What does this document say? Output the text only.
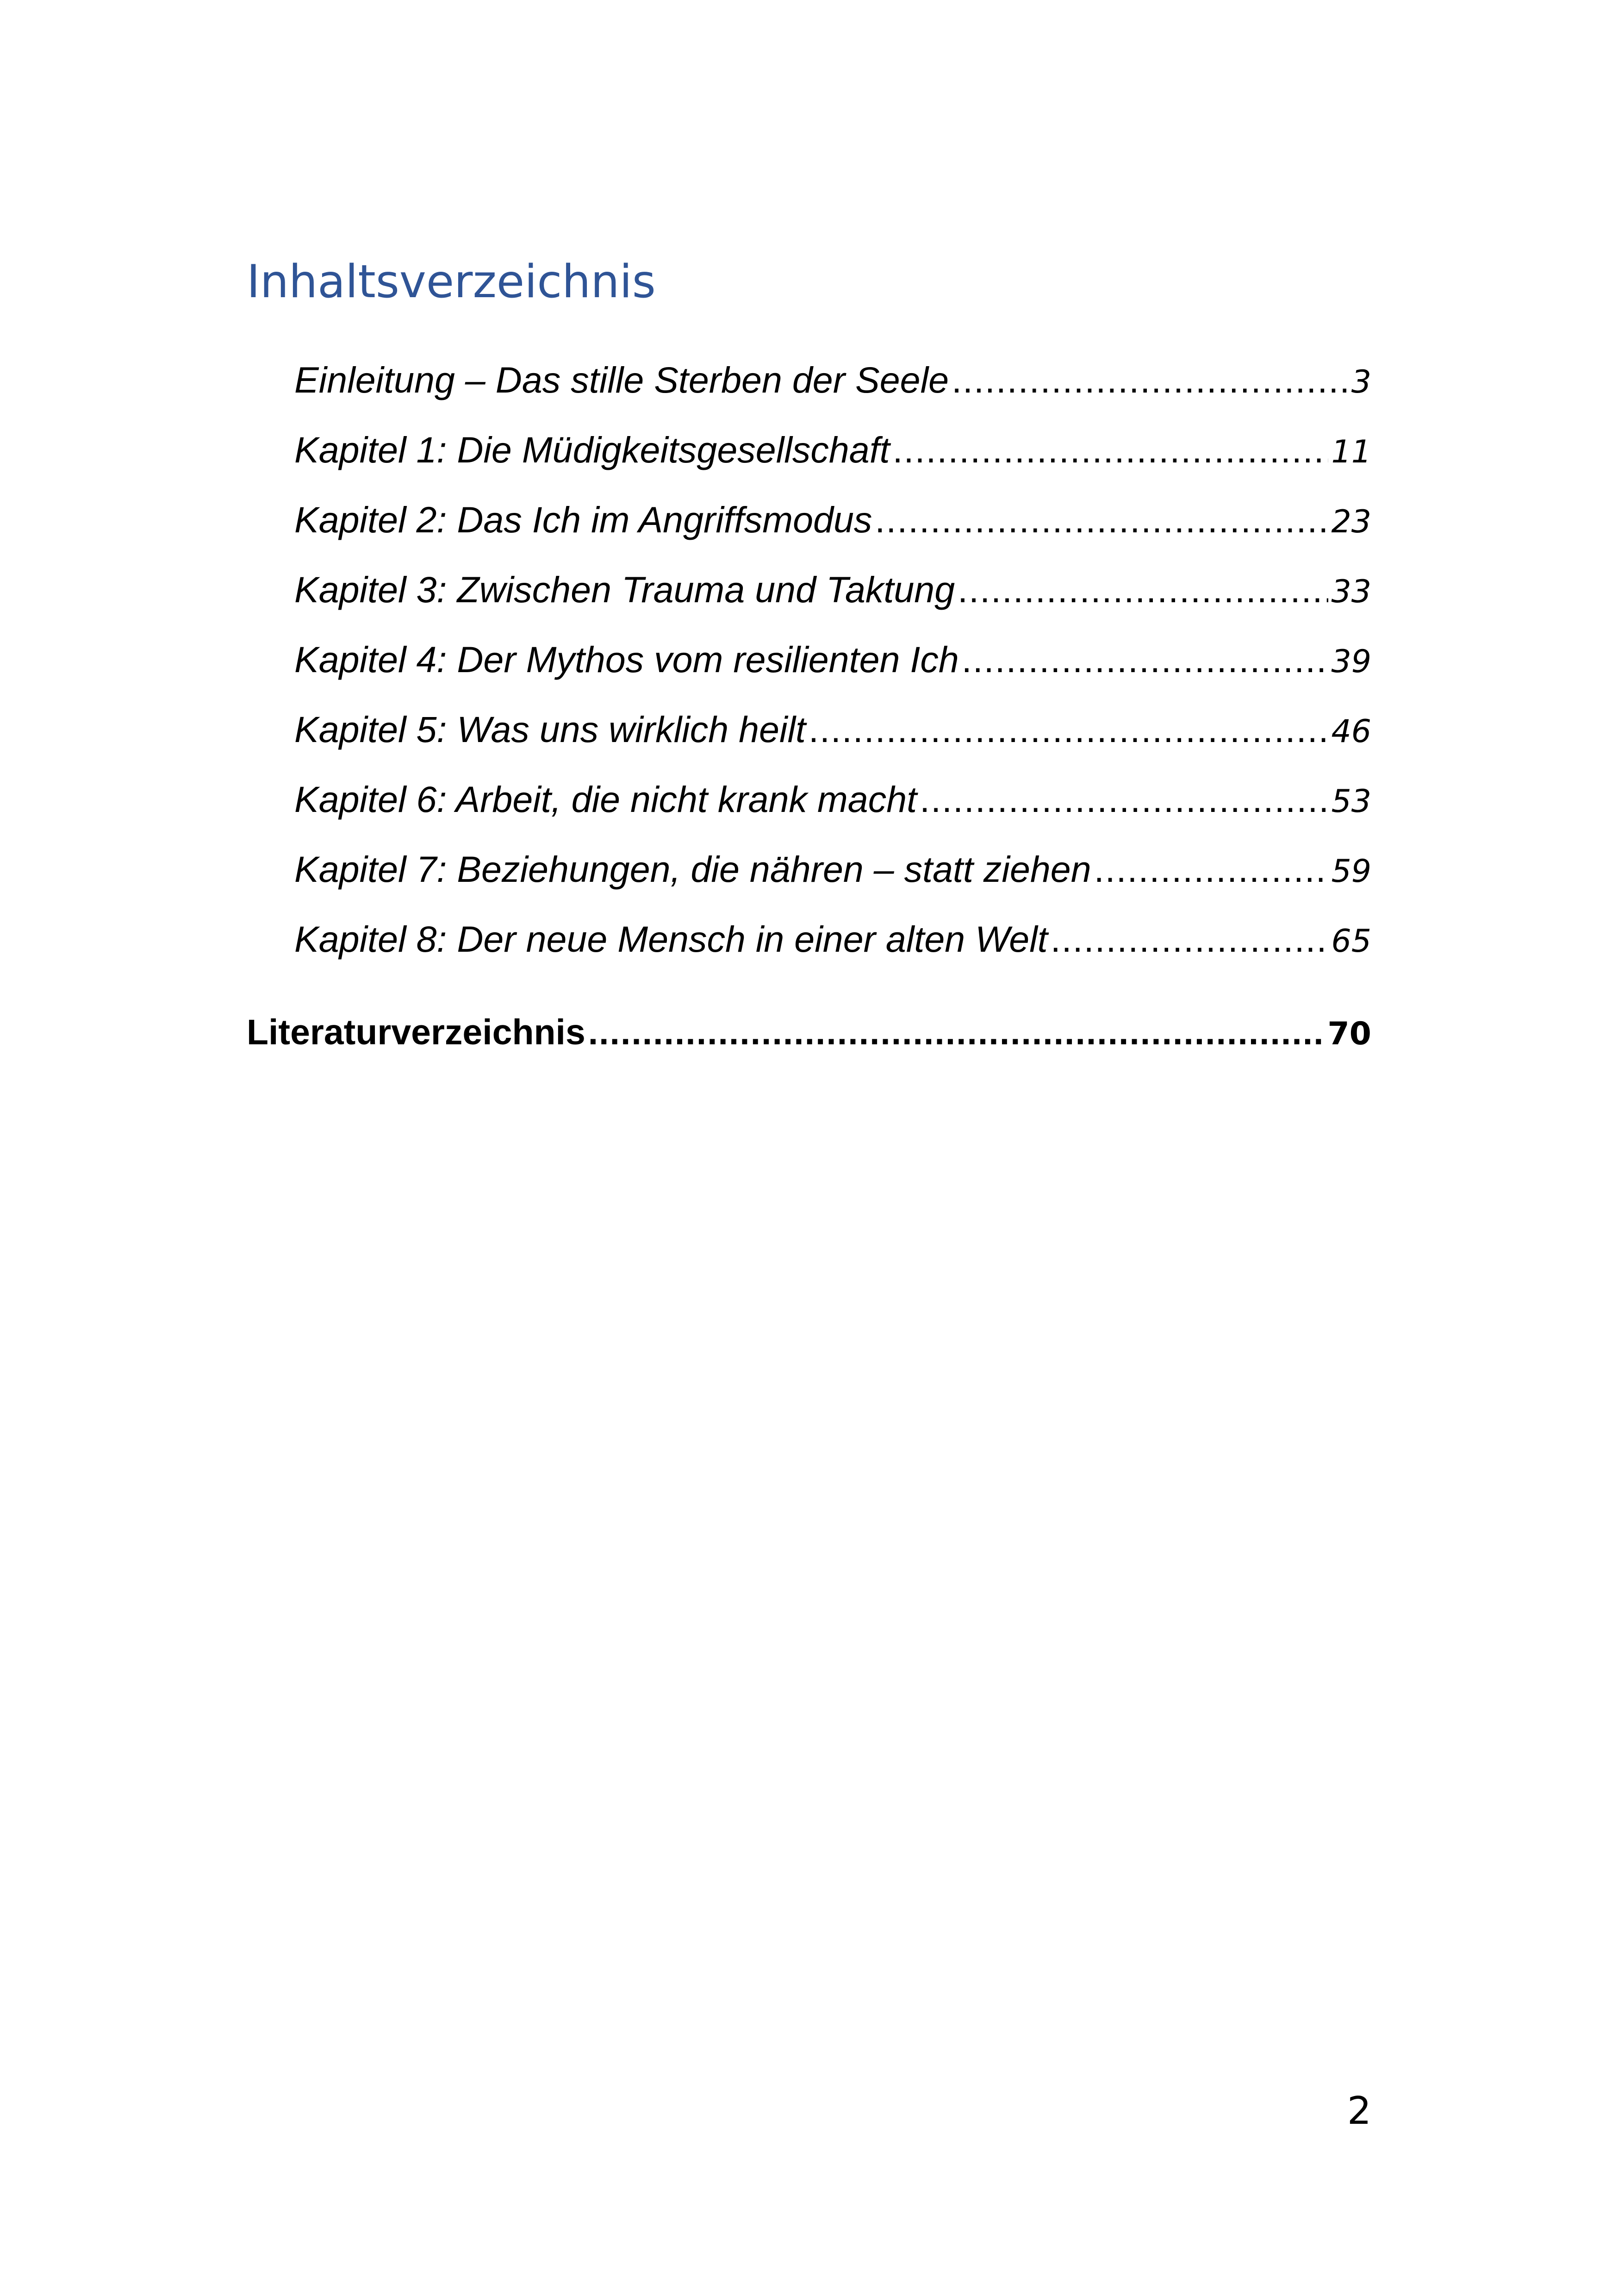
Inhaltsverzeichnis
Einleitung – Das stille Sterben der Seele .....	3
Kapitel 1: Die Müdigkeitsgesellschaft .....	11
Kapitel 2: Das Ich im Angriffsmodus .....	23
Kapitel 3: Zwischen Trauma und Taktung .....	33
Kapitel 4: Der Mythos vom resilienten Ich .....	39
Kapitel 5: Was uns wirklich heilt .....	46
Kapitel 6: Arbeit, die nicht krank macht .....	53
Kapitel 7: Beziehungen, die nähren – statt ziehen .....	59
Kapitel 8: Der neue Mensch in einer alten Welt .....	65
Literaturverzeichnis .....	70
2
